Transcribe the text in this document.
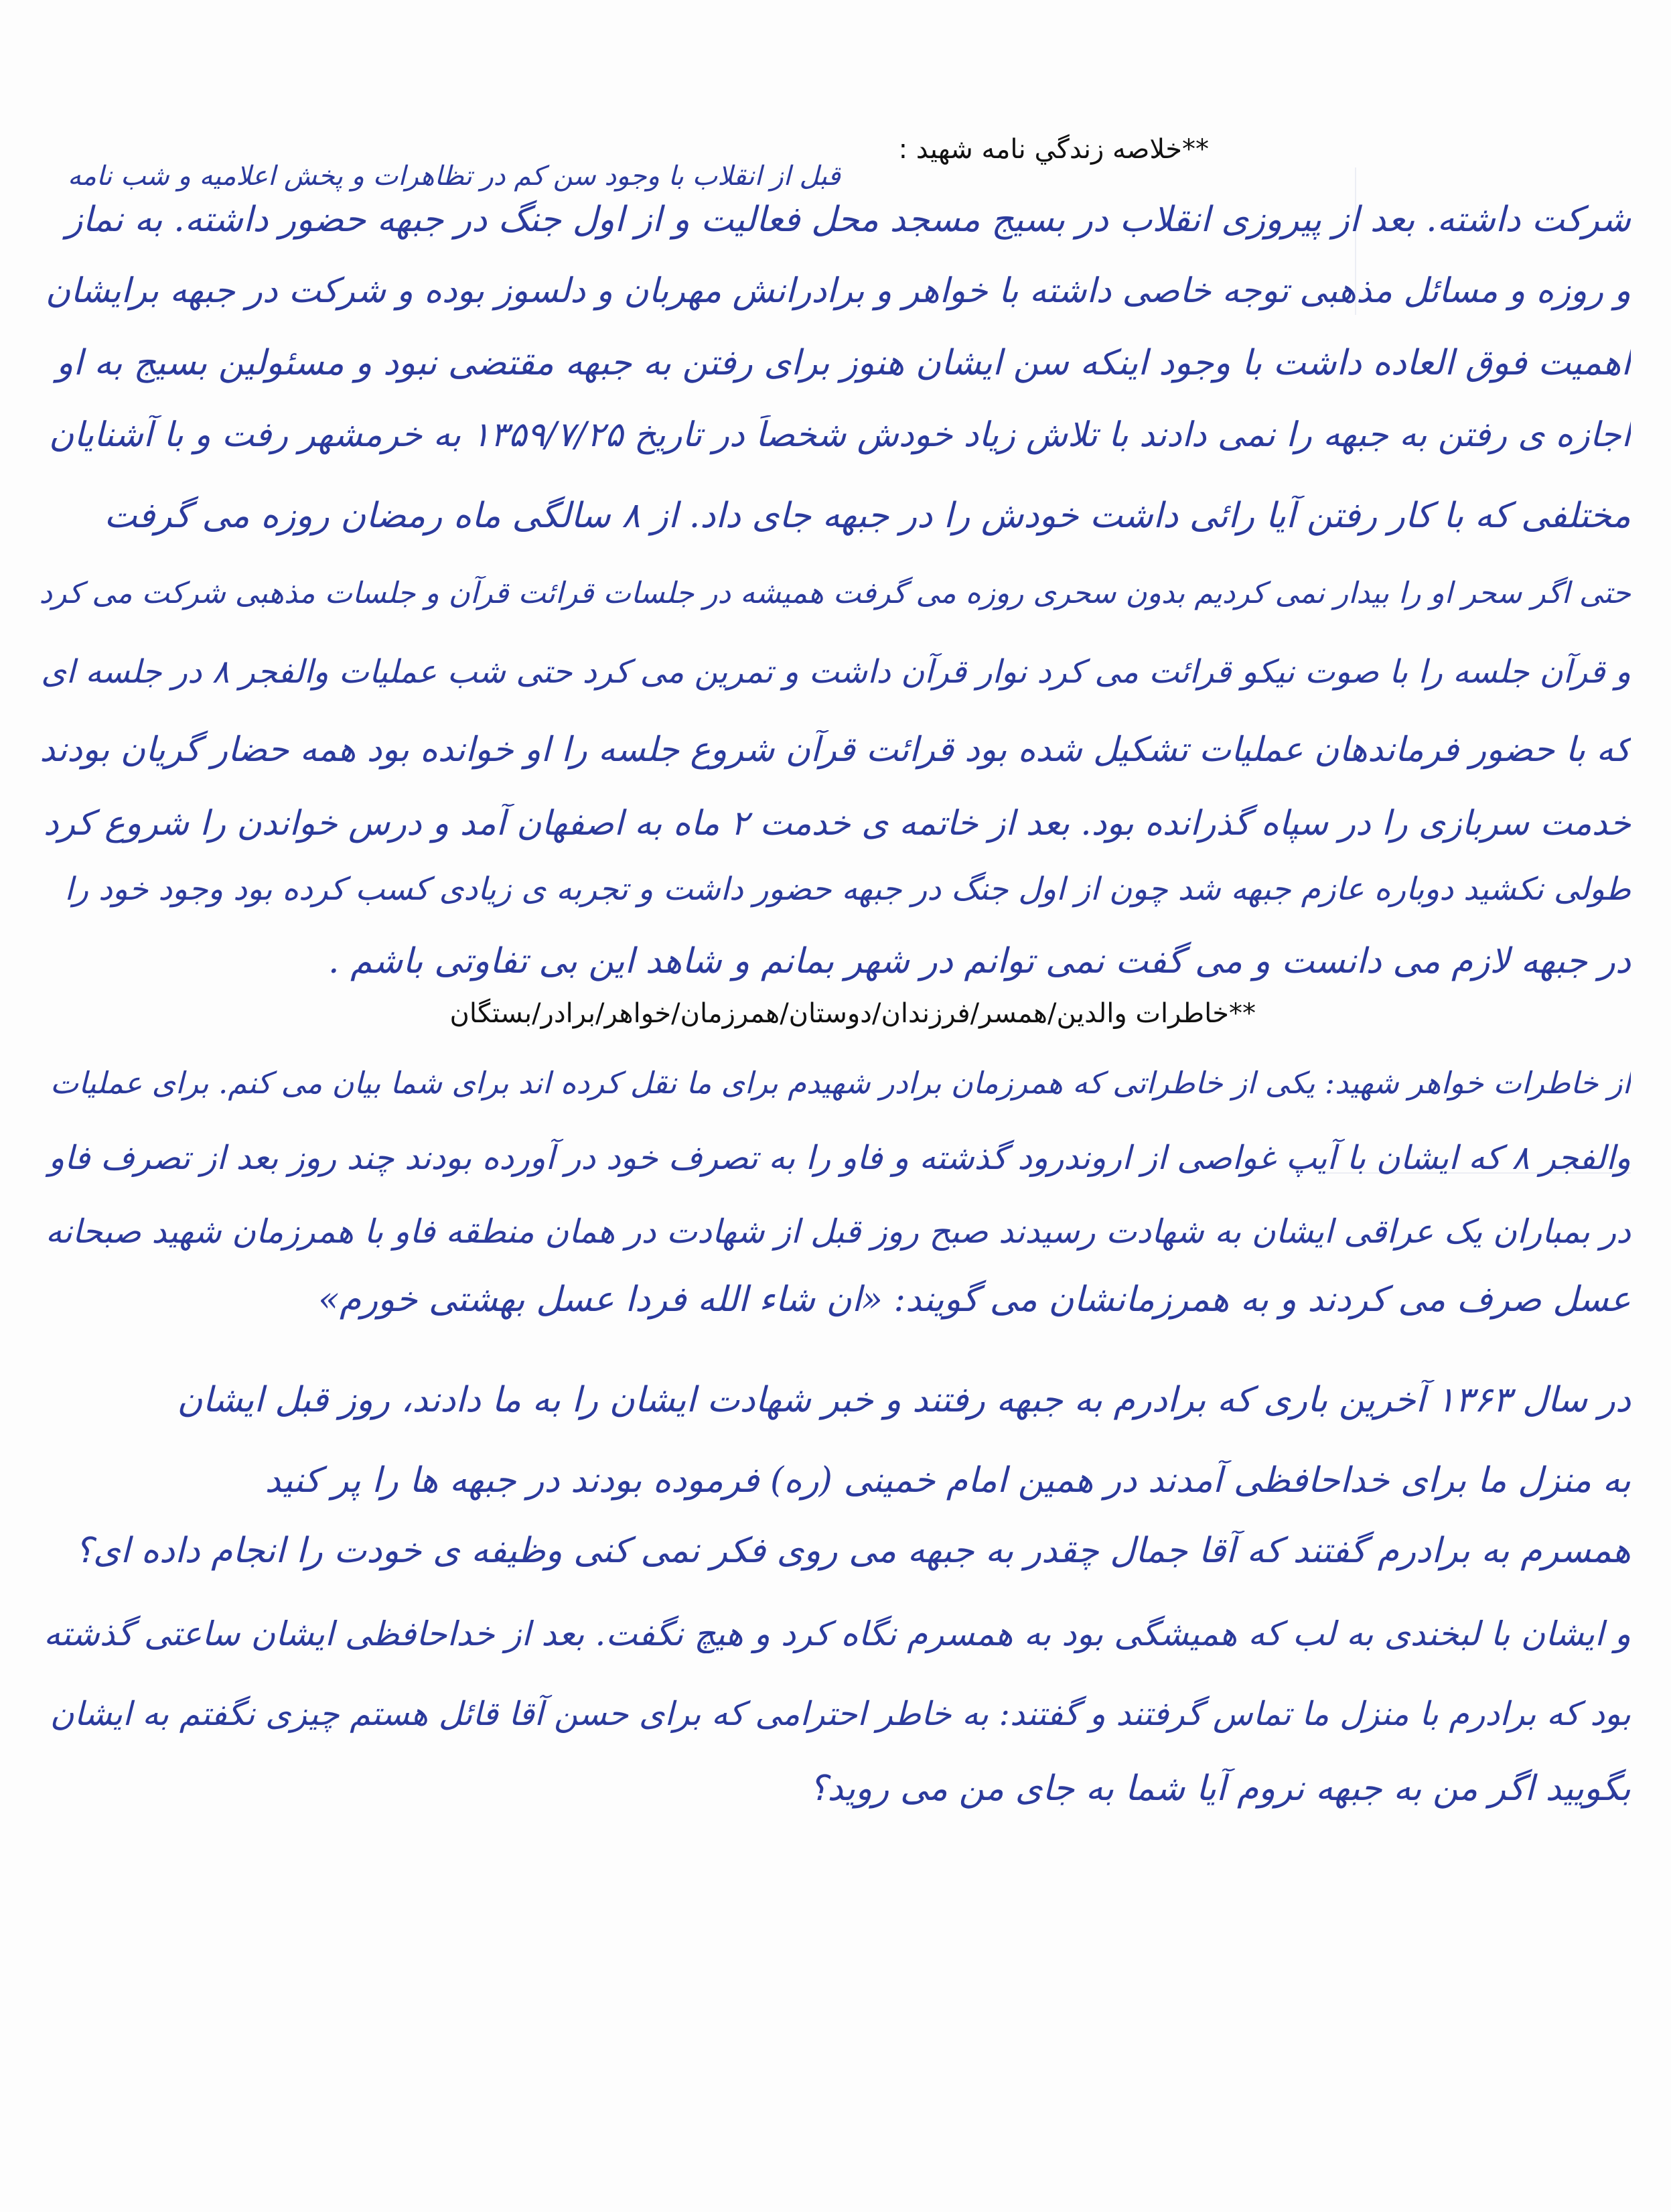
**خلاصه زندگي نامه شهيد :
قبل از انقلاب با وجود سن کم در تظاهرات و پخش اعلامیه و شب نامه
شرکت داشته. بعد از پیروزی انقلاب در بسیج مسجد محل فعالیت و از اول جنگ در جبهه حضور داشته. به نماز
و روزه و مسائل مذهبی توجه خاصی داشته با خواهر و برادرانش مهربان و دلسوز بوده و شرکت در جبهه برایشان
اهمیت فوق العاده داشت با وجود اینکه سن ایشان هنوز برای رفتن به جبهه مقتضی نبود و مسئولین بسیج به او
اجازه ی رفتن به جبهه را نمی دادند با تلاش زیاد خودش شخصاً در تاریخ ۱۳۵۹/۷/۲۵ به خرمشهر رفت و با آشنایان
مختلفی که با کار رفتن آیا رائی داشت خودش را در جبهه جای داد. از ۸ سالگی ماه رمضان روزه می گرفت
حتی اگر سحر او را بیدار نمی کردیم بدون سحری روزه می گرفت همیشه در جلسات قرائت قرآن و جلسات مذهبی شرکت می کرد
و قرآن جلسه را با صوت نیکو قرائت می کرد نوار قرآن داشت و تمرین می کرد حتی شب عملیات والفجر ۸ در جلسه ای
که با حضور فرماندهان عملیات تشکیل شده بود قرائت قرآن شروع جلسه را او خوانده بود همه حضار گریان بودند
خدمت سربازی را در سپاه گذرانده بود. بعد از خاتمه ی خدمت ۲ ماه به اصفهان آمد و درس خواندن را شروع کرد
طولی نکشید دوباره عازم جبهه شد چون از اول جنگ در جبهه حضور داشت و تجربه ی زیادی کسب کرده بود وجود خود را
در جبهه لازم می دانست و می گفت نمی توانم در شهر بمانم و شاهد این بی تفاوتی باشم .
**خاطرات والدين/همسر/فرزندان/دوستان/همرزمان/خواهر/برادر/بستگان
از خاطرات خواهر شهید: یکی از خاطراتی که همرزمان برادر شهیدم برای ما نقل کرده اند برای شما بیان می کنم. برای عملیات
والفجر ۸ که ایشان با آیپ غواصی از اروندرود گذشته و فاو را به تصرف خود در آورده بودند چند روز بعد از تصرف فاو
در بمباران یک عراقی ایشان به شهادت رسیدند صبح روز قبل از شهادت در همان منطقه فاو با همرزمان شهید صبحانه
عسل صرف می کردند و به همرزمانشان می گویند: «ان شاء الله فردا عسل بهشتی خورم»
در سال ۱۳۶۳ آخرین باری که برادرم به جبهه رفتند و خبر شهادت ایشان را به ما دادند، روز قبل ایشان
به منزل ما برای خداحافظی آمدند در همین امام خمینی (ره) فرموده بودند در جبهه ها را پر کنید
همسرم به برادرم گفتند که آقا جمال چقدر به جبهه می روی فکر نمی کنی وظیفه ی خودت را انجام داده ای؟
و ایشان با لبخندی به لب که همیشگی بود به همسرم نگاه کرد و هیچ نگفت. بعد از خداحافظی ایشان ساعتی گذشته
بود که برادرم با منزل ما تماس گرفتند و گفتند: به خاطر احترامی که برای حسن آقا قائل هستم چیزی نگفتم به ایشان
بگویید اگر من به جبهه نروم آیا شما به جای من می روید؟
